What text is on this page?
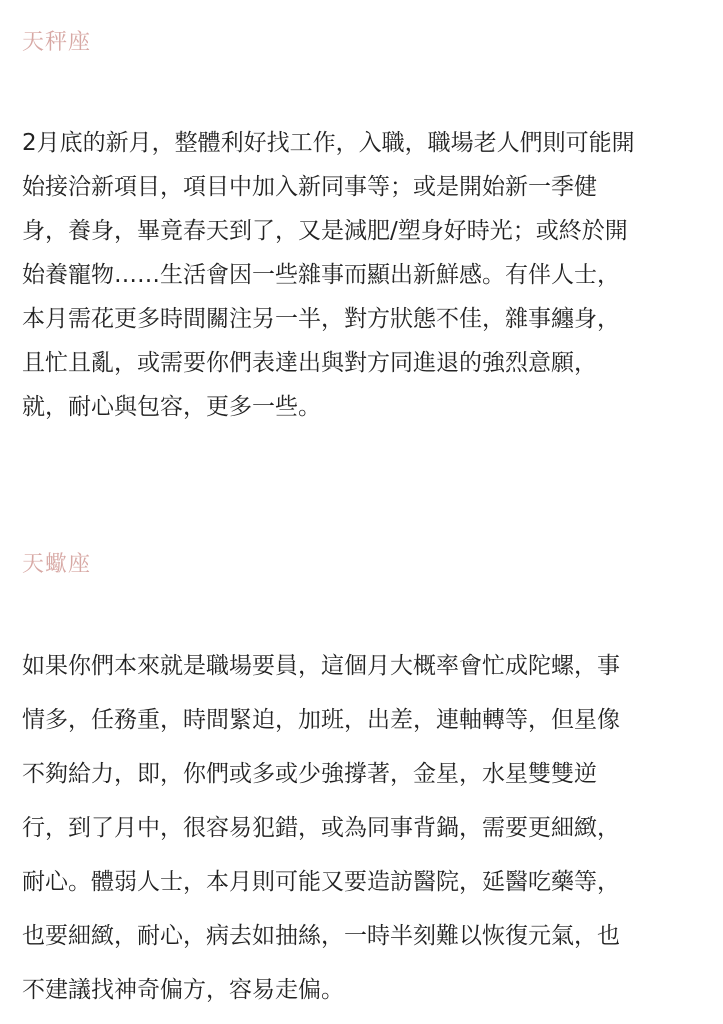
天秤座
2月底的新月，整體利好找工作，入職，職場老人們則可能開
始接洽新項目，項目中加入新同事等；或是開始新一季健
身，養身，畢竟春天到了，又是減肥/塑身好時光；或終於開
始養寵物……生活會因一些雜事而顯出新鮮感。有伴人士，
本月需花更多時間關注另一半，對方狀態不佳，雜事纏身，
且忙且亂，或需要你們表達出與對方同進退的強烈意願，
就，耐心與包容，更多一些。
天蠍座
如果你們本來就是職場要員，這個月大概率會忙成陀螺，事
情多，任務重，時間緊迫，加班，出差，連軸轉等，但星像
不夠給力，即，你們或多或少強撐著，金星，水星雙雙逆
行，到了月中，很容易犯錯，或為同事背鍋，需要更細緻，
耐心。體弱人士，本月則可能又要造訪醫院，延醫吃藥等，
也要細緻，耐心，病去如抽絲，一時半刻難以恢復元氣，也
不建議找神奇偏方，容易走偏。
